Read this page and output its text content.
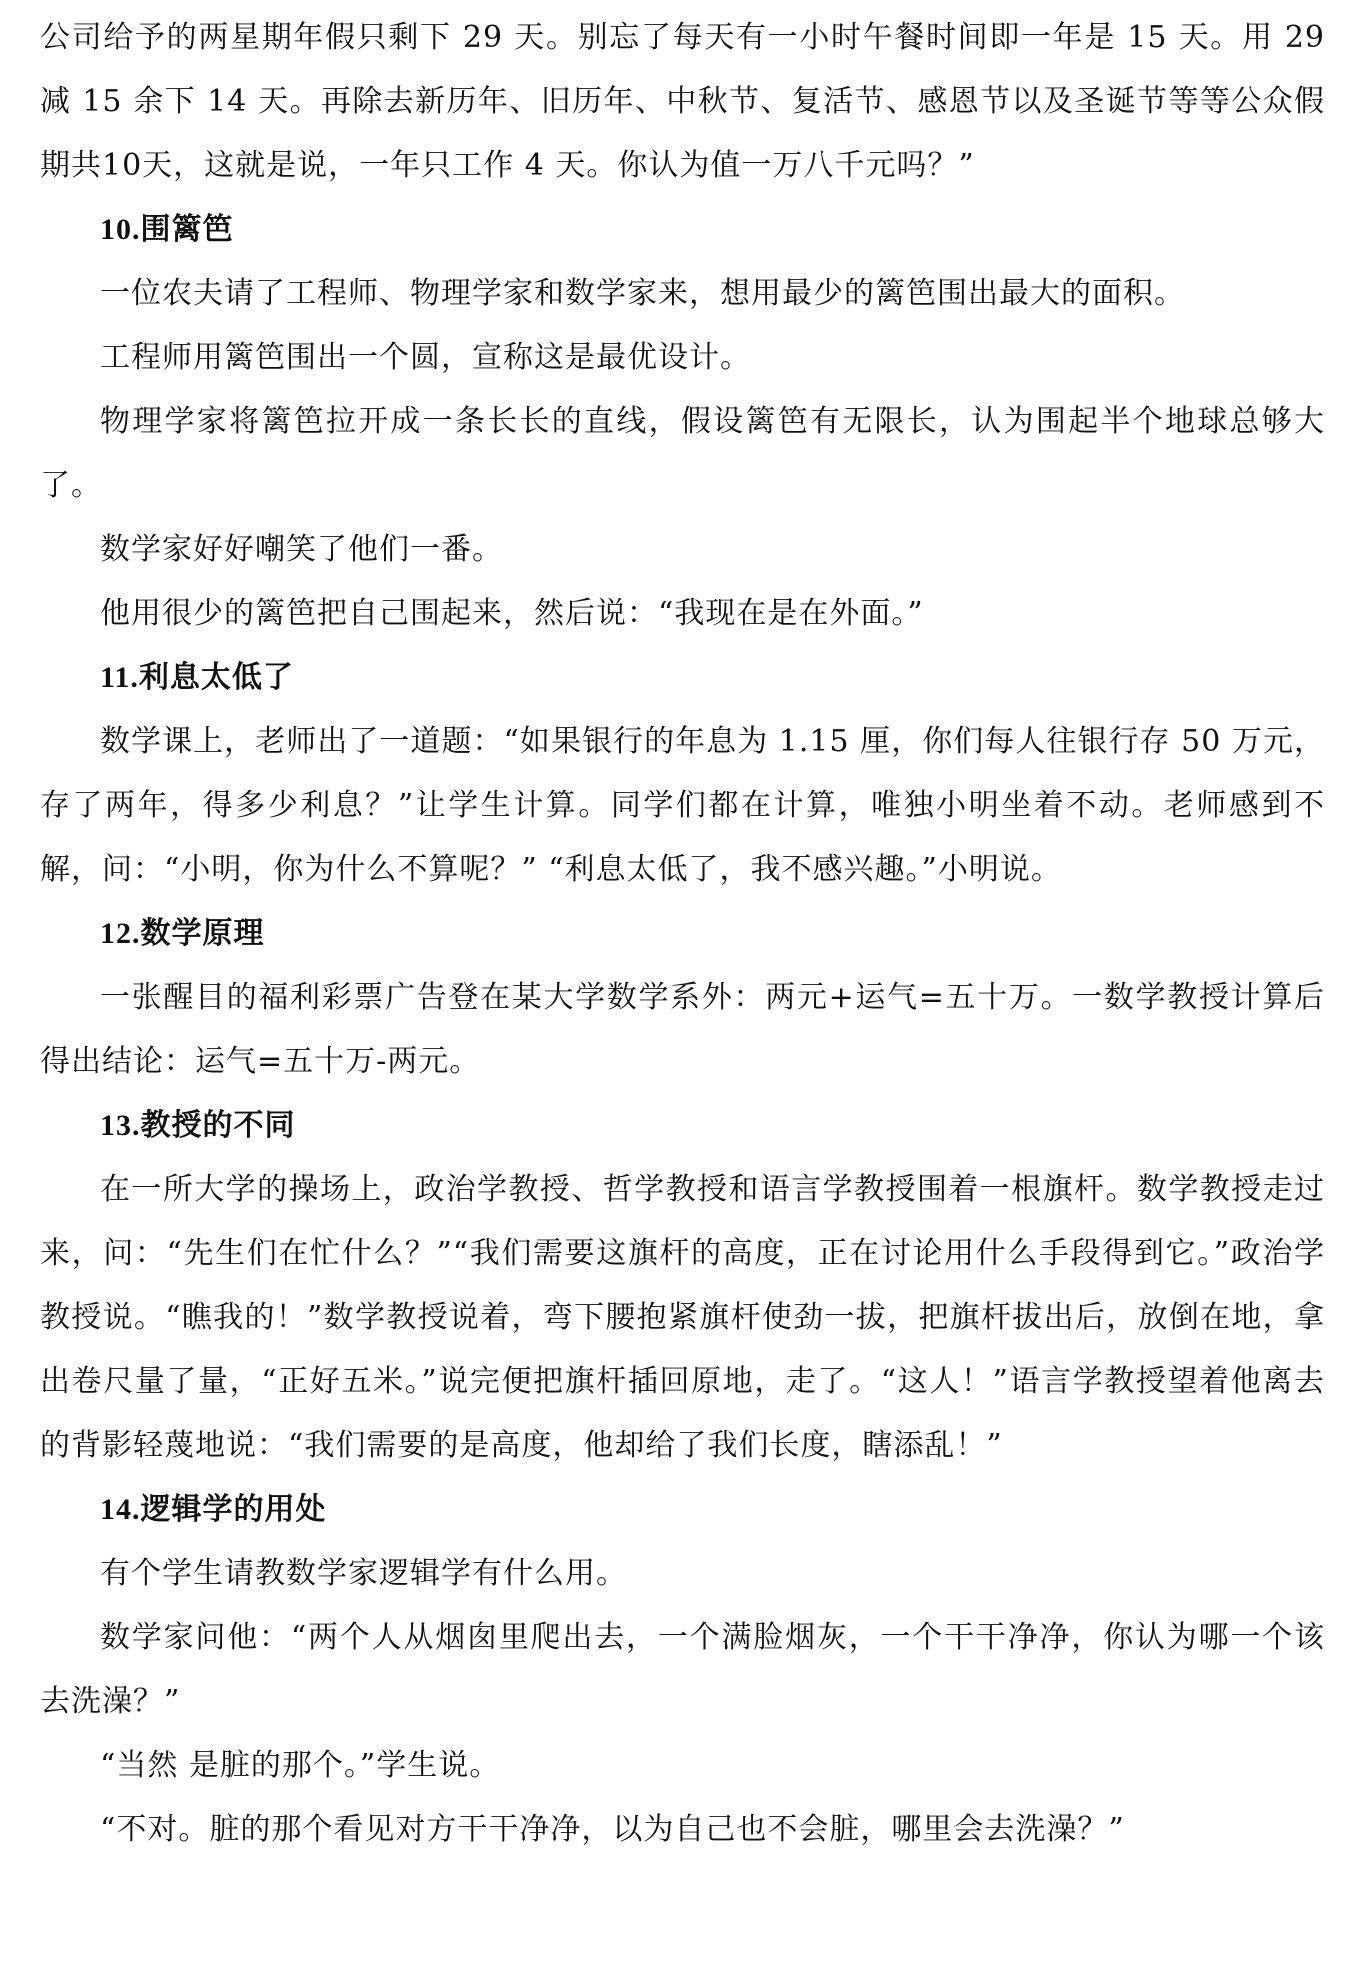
公司给予的两星期年假只剩下 29 天。别忘了每天有一小时午餐时间即一年是 15 天。用 29 减 15 余下 14 天。再除去新历年、旧历年、中秋节、复活节、感恩节以及圣诞节等等公众假期共10天，这就是说，一年只工作 4 天。你认为值一万八千元吗？”

10.围篱笆

一位农夫请了工程师、物理学家和数学家来，想用最少的篱笆围出最大的面积。

工程师用篱笆围出一个圆，宣称这是最优设计。

物理学家将篱笆拉开成一条长长的直线，假设篱笆有无限长，认为围起半个地球总够大了。

数学家好好嘲笑了他们一番。

他用很少的篱笆把自己围起来，然后说：“我现在是在外面。”

11.利息太低了

数学课上，老师出了一道题：“如果银行的年息为 1.15 厘，你们每人往银行存 50 万元，存了两年，得多少利息？”让学生计算。同学们都在计算，唯独小明坐着不动。老师感到不解，问：“小明，你为什么不算呢？” “利息太低了，我不感兴趣。”小明说。

12.数学原理

一张醒目的福利彩票广告登在某大学数学系外：两元+运气=五十万。一数学教授计算后得出结论：运气=五十万-两元。

13.教授的不同

在一所大学的操场上，政治学教授、哲学教授和语言学教授围着一根旗杆。数学教授走过来，问：“先生们在忙什么？”“我们需要这旗杆的高度，正在讨论用什么手段得到它。”政治学教授说。“瞧我的！”数学教授说着，弯下腰抱紧旗杆使劲一拔，把旗杆拔出后，放倒在地，拿出卷尺量了量，“正好五米。”说完便把旗杆插回原地，走了。“这人！”语言学教授望着他离去的背影轻蔑地说：“我们需要的是高度，他却给了我们长度，瞎添乱！”

14.逻辑学的用处

有个学生请教数学家逻辑学有什么用。

数学家问他：“两个人从烟囱里爬出去，一个满脸烟灰，一个干干净净，你认为哪一个该去洗澡？”

“当然 是脏的那个。”学生说。

“不对。脏的那个看见对方干干净净，以为自己也不会脏，哪里会去洗澡？”
